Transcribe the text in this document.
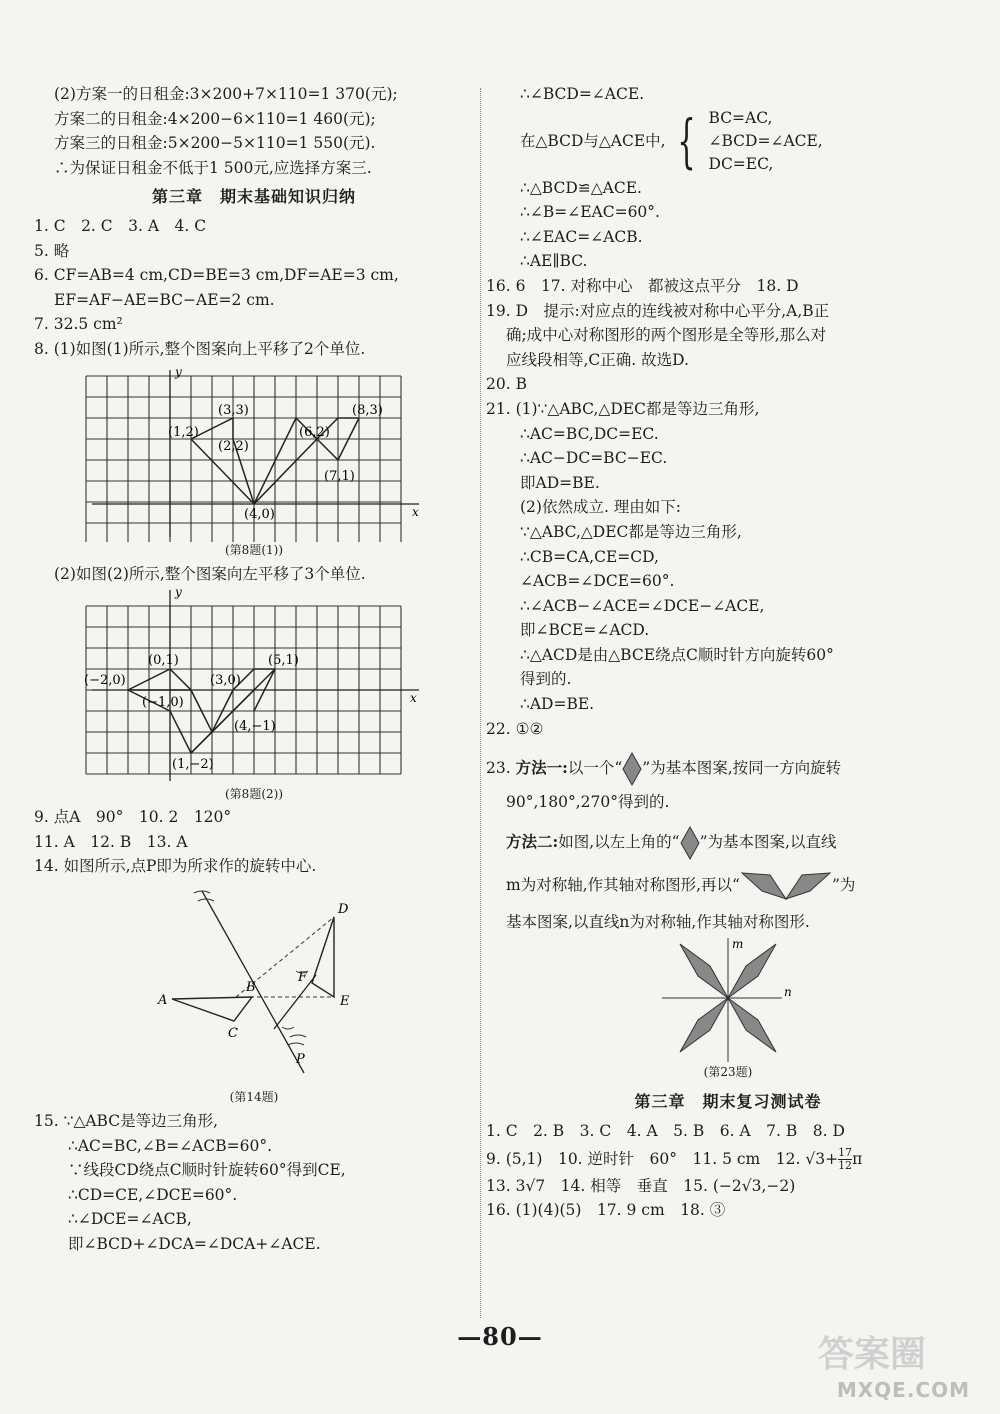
(2)方案一的日租金:3×200+7×110=1 370(元);
方案二的日租金:4×200−6×110=1 460(元);
方案三的日租金:5×200−5×110=1 550(元).
∴为保证日租金不低于1 500元,应选择方案三.
第三章　期末基础知识归纳
1. C　2. C　3. A　4. C
5. 略
6. CF=AB=4 cm,CD=BE=3 cm,DF=AE=3 cm,
EF=AF−AE=BC−AE=2 cm.
7. 32.5 cm²
8. (1)如图(1)所示,整个图案向上平移了2个单位.
x
y
(3,3)
(1,2)
(2,2)
(6,2)
(8,3)
(7,1)
(4,0)
(第8题(1))
(2)如图(2)所示,整个图案向左平移了3个单位.
x
y
(0,1)	(5,1)
(−2,0)	(3,0)
(−1,0)
(4,−1)
(1,−2)
(第8题(2))
9. 点A　90°　10. 2　120°
11. A　12. B　13. A
14. 如图所示,点P即为所求作的旋转中心.
A
B
C
D
E
F
P
(第14题)
15. ∵△ABC是等边三角形,
∴AC=BC,∠B=∠ACB=60°.
∵线段CD绕点C顺时针旋转60°得到CE,
∴CD=CE,∠DCE=60°.
∴∠DCE=∠ACB,
即∠BCD+∠DCA=∠DCA+∠ACE.
∴∠BCD=∠ACE.
在△BCD与△ACE中, { BC=AC,
∠BCD=∠ACE,
DC=EC,
∴△BCD≌△ACE.
∴∠B=∠EAC=60°.
∴∠EAC=∠ACB.
∴AE∥BC.
16. 6　17. 对称中心　都被这点平分　18. D
19. D　提示:对应点的连线被对称中心平分,A,B正
确;成中心对称图形的两个图形是全等形,那么对
应线段相等,C正确. 故选D.
20. B
21. (1)∵△ABC,△DEC都是等边三角形,
∴AC=BC,DC=EC.
∴AC−DC=BC−EC.
即AD=BE.
(2)依然成立. 理由如下:
∵△ABC,△DEC都是等边三角形,
∴CB=CA,CE=CD,
∠ACB=∠DCE=60°.
∴∠ACB−∠ACE=∠DCE−∠ACE,
即∠BCE=∠ACD.
∴△ACD是由△BCE绕点C顺时针方向旋转60°
得到的.
∴AD=BE.
22. ①②
23. 方法一:以一个“ ”为基本图案,按同一方向旋转
90°,180°,270°得到的.
方法二:如图,以左上角的“ ”为基本图案,以直线
m为对称轴,作其轴对称图形,再以“	”为
基本图案,以直线n为对称轴,作其轴对称图形.
m
n
(第23题)
第三章　期末复习测试卷
1. C　2. B　3. C　4. A　5. B　6. A　7. B　8. D
9. (5,1)　10. 逆时针　60°　11. 5 cm　12. $√3+ \frac{17}{12}$ π
13. 3√7　14. 相等　垂直　15. (−2√3,−2)
16. (1)(4)(5)　17. 9 cm　18. ③
—80—	答案圈
MXQE.COM
